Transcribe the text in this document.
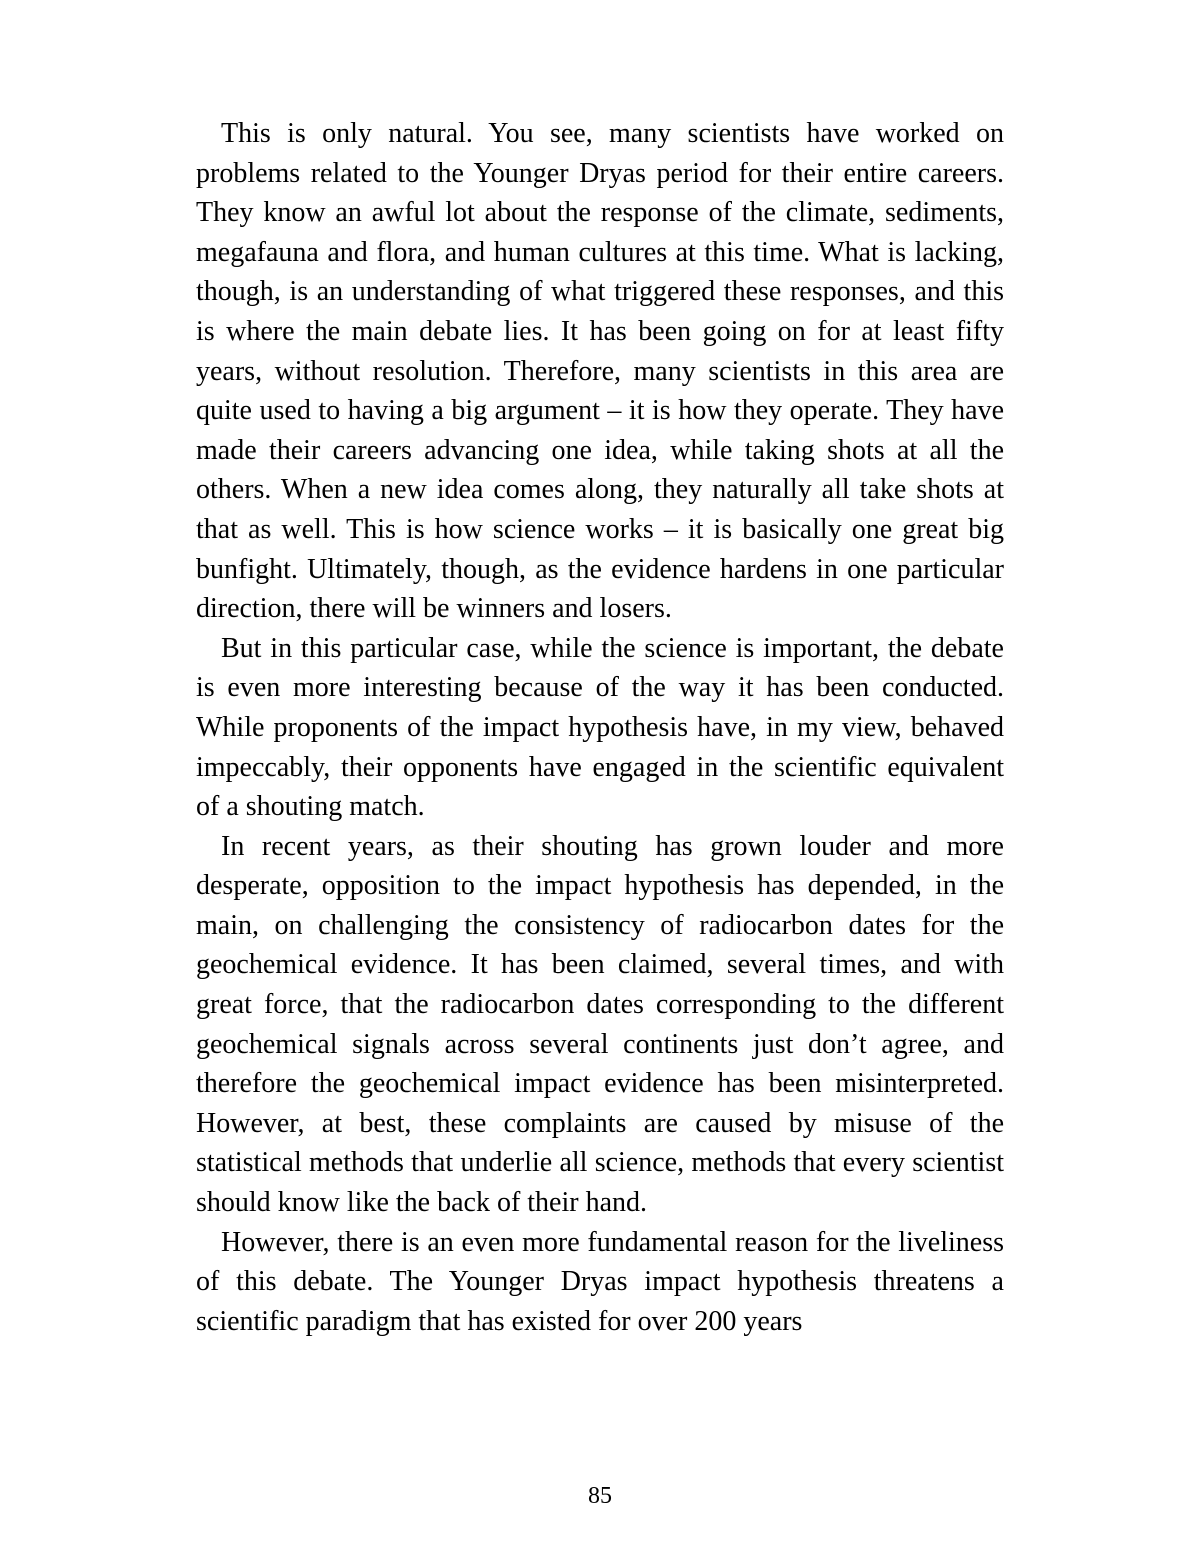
This is only natural. You see, many scientists have worked on problems related to the Younger Dryas period for their entire careers. They know an awful lot about the response of the climate, sediments, megafauna and flora, and human cultures at this time. What is lacking, though, is an understanding of what triggered these responses, and this is where the main debate lies. It has been going on for at least fifty years, without resolution. Therefore, many scientists in this area are quite used to having a big argument – it is how they operate. They have made their careers advancing one idea, while taking shots at all the others. When a new idea comes along, they naturally all take shots at that as well. This is how science works – it is basically one great big bunfight. Ultimately, though, as the evidence hardens in one particular direction, there will be winners and losers.

But in this particular case, while the science is important, the debate is even more interesting because of the way it has been conducted. While proponents of the impact hypothesis have, in my view, behaved impeccably, their opponents have engaged in the scientific equivalent of a shouting match.

In recent years, as their shouting has grown louder and more desperate, opposition to the impact hypothesis has depended, in the main, on challenging the consistency of radiocarbon dates for the geochemical evidence. It has been claimed, several times, and with great force, that the radiocarbon dates corresponding to the different geochemical signals across several continents just don’t agree, and therefore the geochemical impact evidence has been misinterpreted. However, at best, these complaints are caused by misuse of the statistical methods that underlie all science, methods that every scientist should know like the back of their hand.

However, there is an even more fundamental reason for the liveliness of this debate. The Younger Dryas impact hypothesis threatens a scientific paradigm that has existed for over 200 years

85
